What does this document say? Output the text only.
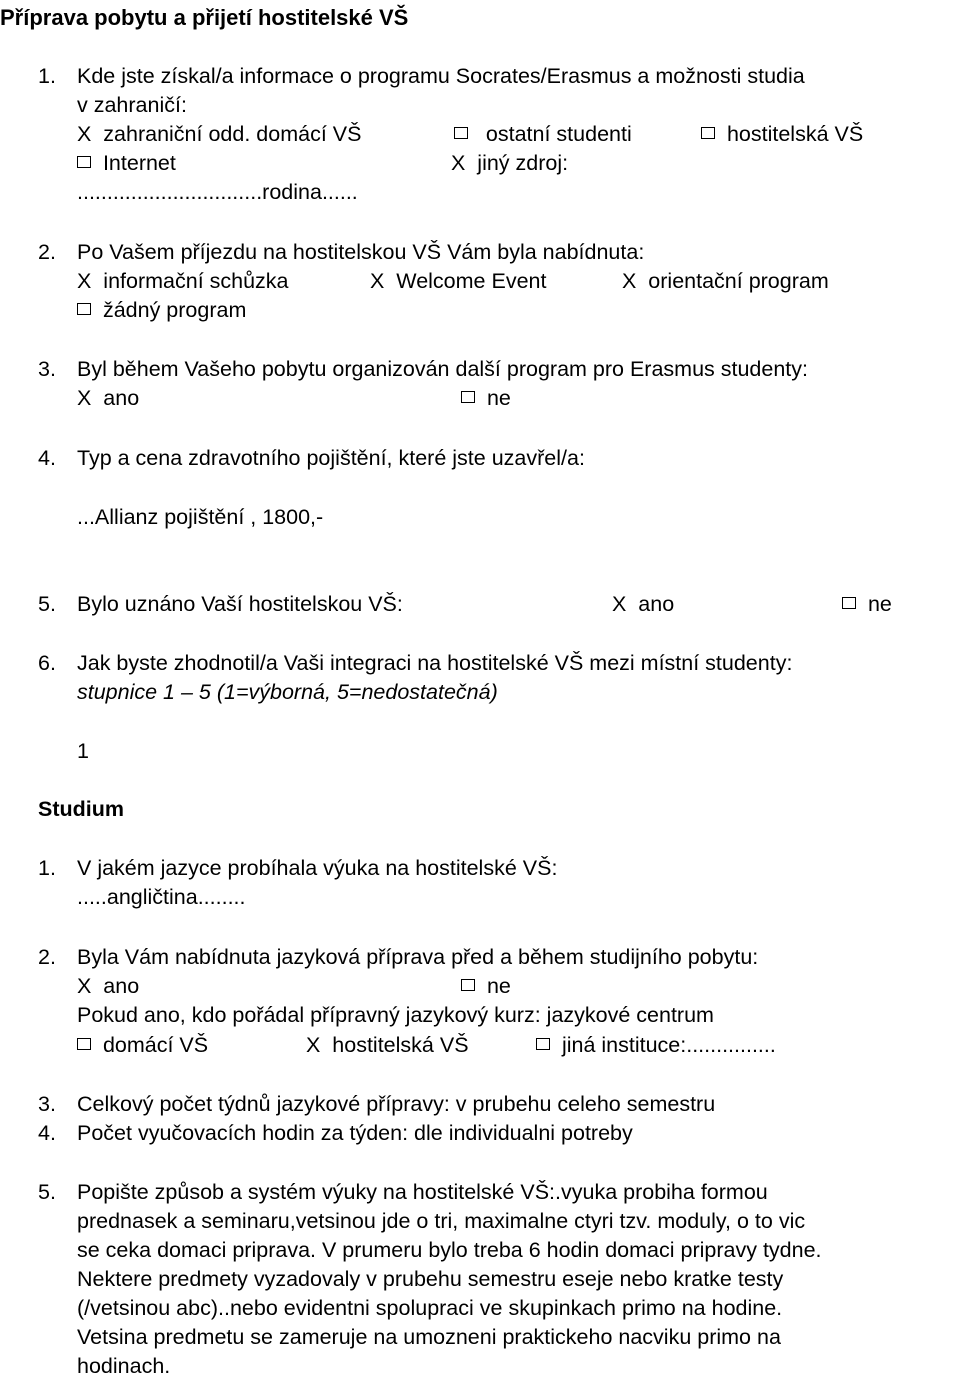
Příprava pobytu a přijetí hostitelské VŠ
1. Kde jste získal/a informace o programu Socrates/Erasmus a možnosti studia
v zahraničí:
X zahraniční odd. domácí VŠ	ostatní studenti	hostitelská VŠ
Internet	X jiný zdroj:
...............................rodina......
2. Po Vašem příjezdu na hostitelskou VŠ Vám byla nabídnuta:
X informační schůzka	X Welcome Event	X orientační program
žádný program
3. Byl během Vašeho pobytu organizován další program pro Erasmus studenty:
X ano	ne
4. Typ a cena zdravotního pojištění, které jste uzavřel/a:
...Allianz pojištění , 1800,-
5. Bylo uznáno Vaší hostitelskou VŠ:	X ano	ne
6. Jak byste zhodnotil/a Vaši integraci na hostitelské VŠ mezi místní studenty:
stupnice 1 – 5 (1=výborná, 5=nedostatečná)
1
Studium
1. V jakém jazyce probíhala výuka na hostitelské VŠ:
.....angličtina........
2. Byla Vám nabídnuta jazyková příprava před a během studijního pobytu:
X ano	ne
Pokud ano, kdo pořádal přípravný jazykový kurz: jazykové centrum
domácí VŠ	X hostitelská VŠ	jiná instituce:...............
3. Celkový počet týdnů jazykové přípravy: v prubehu celeho semestru
4. Počet vyučovacích hodin za týden: dle individualni potreby
5. Popište způsob a systém výuky na hostitelské VŠ:.vyuka probiha formou
prednasek a seminaru,vetsinou jde o tri, maximalne ctyri tzv. moduly, o to vic
se ceka domaci priprava. V prumeru bylo treba 6 hodin domaci pripravy tydne.
Nektere predmety vyzadovaly v prubehu semestru eseje nebo kratke testy
(/vetsinou abc)..nebo evidentni spolupraci ve skupinkach primo na hodine.
Vetsina predmetu se zameruje na umozneni praktickeho nacviku primo na
hodinach.
